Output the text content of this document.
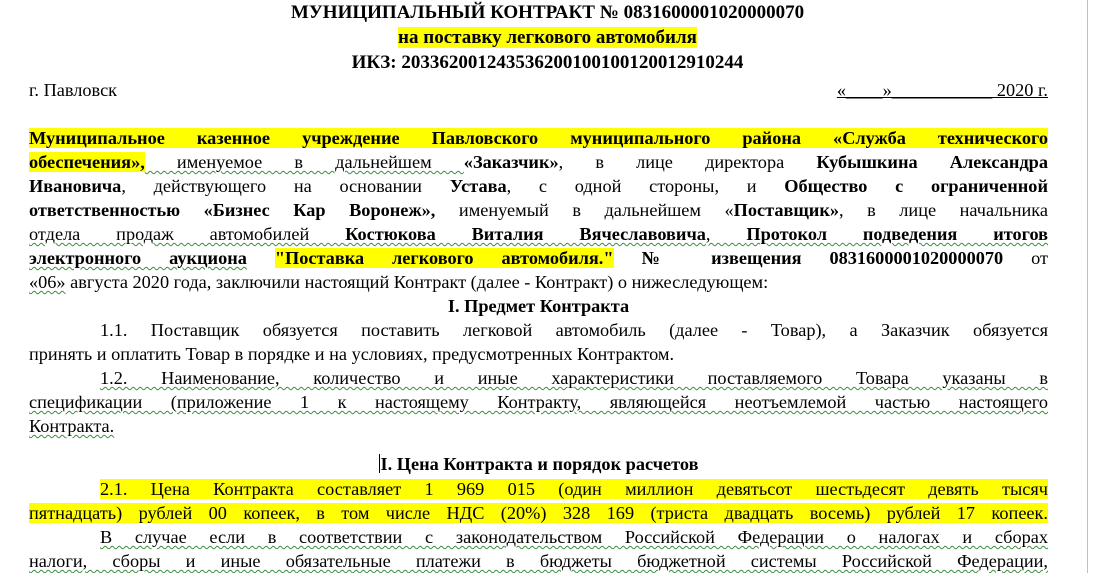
МУНИЦИПАЛЬНЫЙ КОНТРАКТ № 0831600001020000070
на поставку легкового автомобиля
ИКЗ: 203362001243536200100100120012910244
г. Павловск	«____»___________ 2020 г.
Муниципальное казенное учреждение Павловского муниципального района «Служба технического
обеспечения», именуемое в дальнейшем «Заказчик», в лице директора Кубышкина Александра
Ивановича, действующего на основании Устава, с одной стороны, и Общество с ограниченной
ответственностью «Бизнес Кар Воронеж», именуемый в дальнейшем «Поставщик», в лице начальника
отдела продаж автомобилей Костюкова Виталия Вячеславовича, Протокол подведения итогов
электронного аукциона "Поставка легкового автомобиля." № извещения 0831600001020000070 от
«06» августа 2020 года, заключили настоящий Контракт (далее - Контракт) о нижеследующем:
I. Предмет Контракта
1.1. Поставщик обязуется поставить легковой автомобиль (далее - Товар), а Заказчик обязуется
принять и оплатить Товар в порядке и на условиях, предусмотренных Контрактом.
1.2. Наименование, количество и иные характеристики поставляемого Товара указаны в
спецификации (приложение 1 к настоящему Контракту, являющейся неотъемлемой частью настоящего
Контракта.
I. Цена Контракта и порядок расчетов
2.1. Цена Контракта составляет 1 969 015 (один миллион девятьсот шестьдесят девять тысяч
пятнадцать) рублей 00 копеек, в том числе НДС (20%) 328 169 (триста двадцать восемь) рублей 17 копеек.
В случае если в соответствии с законодательством Российской Федерации о налогах и сборах
налоги, сборы и иные обязательные платежи в бюджеты бюджетной системы Российской Федерации,
